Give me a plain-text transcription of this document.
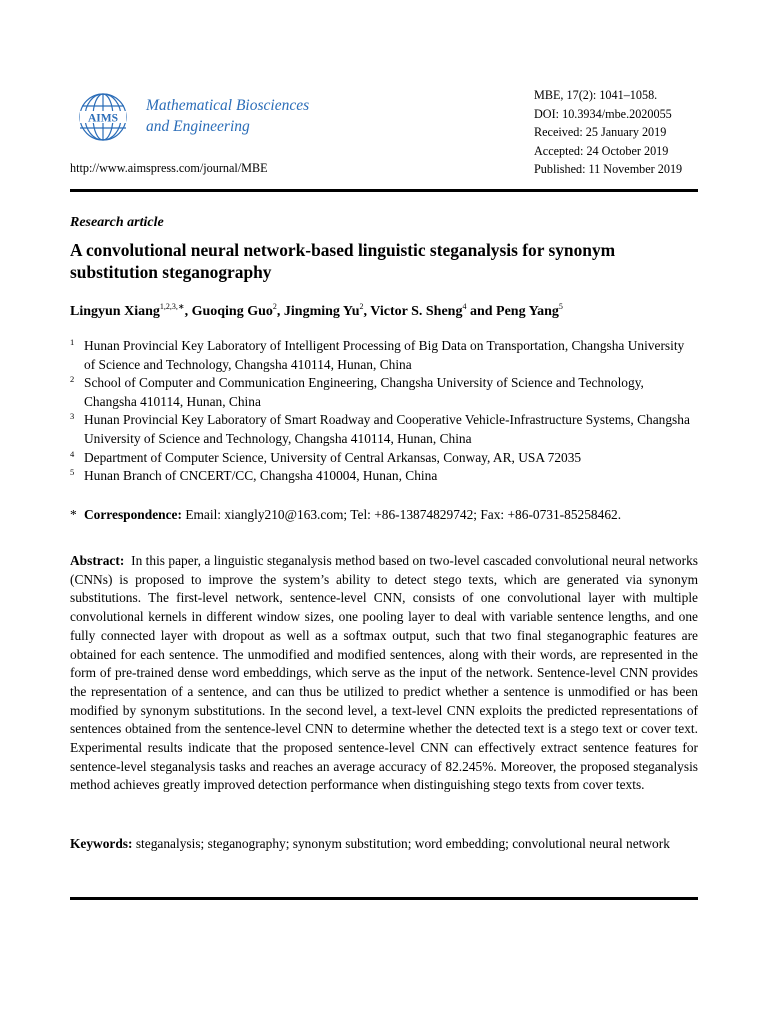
AIMS
Mathematical Biosciences
and Engineering
MBE, 17(2): 1041–1058.
DOI: 10.3934/mbe.2020055
Received: 25 January 2019
Accepted: 24 October 2019
Published: 11 November 2019
http://www.aimspress.com/journal/MBE
Research article
A convolutional neural network-based linguistic steganalysis for synonym substitution steganography
Lingyun Xiang$^{1,2,3,∗}$, Guoqing Guo$^2$, Jingming Yu$^2$, Victor S. Sheng$^4$ and Peng Yang$^5$
1 Hunan Provincial Key Laboratory of Intelligent Processing of Big Data on Transportation, Changsha University of Science and Technology, Changsha 410114, Hunan, China
2 School of Computer and Communication Engineering, Changsha University of Science and Technology, Changsha 410114, Hunan, China
3 Hunan Provincial Key Laboratory of Smart Roadway and Cooperative Vehicle-Infrastructure Systems, Changsha University of Science and Technology, Changsha 410114, Hunan, China
4 Department of Computer Science, University of Central Arkansas, Conway, AR, USA 72035
5 Hunan Branch of CNCERT/CC, Changsha 410004, Hunan, China
* Correspondence: Email: xiangly210@163.com; Tel: +86-13874829742; Fax: +86-0731-85258462.
Abstract: In this paper, a linguistic steganalysis method based on two-level cascaded convolutional neural networks (CNNs) is proposed to improve the system’s ability to detect stego texts, which are generated via synonym substitutions. The first-level network, sentence-level CNN, consists of one convolutional layer with multiple convolutional kernels in different window sizes, one pooling layer to deal with variable sentence lengths, and one fully connected layer with dropout as well as a softmax output, such that two final steganographic features are obtained for each sentence. The unmodified and modified sentences, along with their words, are represented in the form of pre-trained dense word embeddings, which serve as the input of the network. Sentence-level CNN provides the representation of a sentence, and can thus be utilized to predict whether a sentence is unmodified or has been modified by synonym substitutions. In the second level, a text-level CNN exploits the predicted representations of sentences obtained from the sentence-level CNN to determine whether the detected text is a stego text or cover text. Experimental results indicate that the proposed sentence-level CNN can effectively extract sentence features for sentence-level steganalysis tasks and reaches an average accuracy of 82.245%. Moreover, the proposed steganalysis method achieves greatly improved detection performance when distinguishing stego texts from cover texts.
Keywords: steganalysis; steganography; synonym substitution; word embedding; convolutional neural network
